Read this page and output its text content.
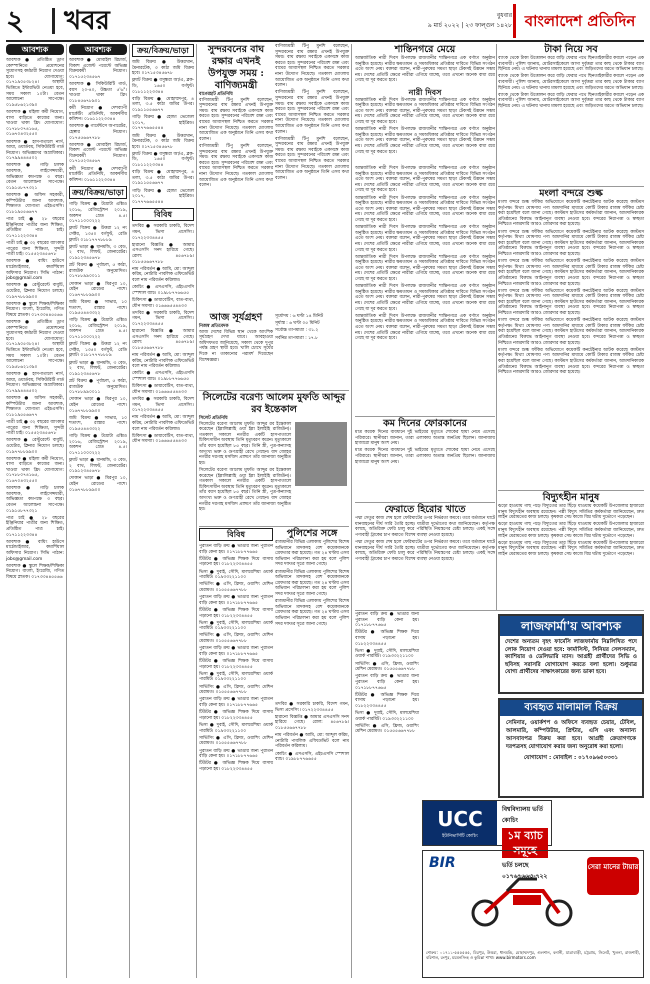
২ খবর	বুধবার
৯ মার্চ ২০২২ | ২৩ ফাল্গুন ১৪২৮ বাংলাদেশ প্রতিদিন
আবশ্যক

আবশ্যক ● প্রতিষ্ঠিত ড্রাগ কোম্পানিতে প্রমোশনের সুযোগসহ কর্মচারী নিয়োগ দেওয়া হবে। যোগাযোগ: ০১৭১৯০৫৩৮২৪। অস্থায়ী ভিত্তিতে ইন্টারভিউ নেওয়া হবে, সময় সকাল ১০টা। বেতন আলোচনা সাপেক্ষে। ০১৯৫৮৬২১৩৯০

আবশ্যক ● মহিলা কর্মী নিয়োগ, বাসা বাড়িতে কাজের জন্য। খাওয়া থাকা ফ্রি। যোগাযোগ: ০১৭৮৮০৭৪১৬৫, ০১৬৭০৪৩২৫৫০

আবশ্যক ● হাসপাতালে নার্স, আয়া, ওয়ার্ডবয়, সিকিউরিটি গার্ড নিয়োগ। অভিজ্ঞদের অগ্রাধিকার। ০১৭৯৯৪৪৪৫০২

আবশ্যক ● গাড়ি চালক আবশ্যক, লাইসেন্সধারী, অভিজ্ঞতা কমপক্ষে ৩ বছর। বেতন আলোচনা সাপেক্ষে। ০১৯১৫৮৭৭৩২১

আবশ্যক ● অফিস সহকারী, কম্পিউটার জানা আবশ্যক, শিক্ষাগত যোগ্যতা এইচএসসি। ০১৮১৯৫৫৬৬৭৭

পাত্র চাই ● ২৮ বছরের ইঞ্জিনিয়ার পাত্রীর জন্য শিক্ষিত, প্রতিষ্ঠিত পাত্র চাই। ০১৭১১২২৩৩৪৪

পাত্রী চাই ● ৩২ বছরের ব্যাংকার পাত্রের জন্য শিক্ষিতা, সুন্দরী পাত্রী চাই। ০১৫৫২৩৪৫৬৭৮

আবশ্যক ● বায়িং হাউসে মার্চেন্ডাইজার, কমার্শিয়াল অফিসার নিয়োগ। সিভি পাঠান: jobs@gmail.com

আবশ্যক ● রেস্টুরেন্টে বাবুর্চি, ওয়েটার, ক্লিনার নিয়োগ চলছে। ০১৯৭৭৮৮৯৯০০

আবশ্যক ● স্কুলে শিক্ষক/শিক্ষিকা নিয়োগ। বাংলা, ইংরেজি, গণিত বিষয়ে স্নাতক। ০১৭৩৩৪৪৫৫৬৬

আবশ্যক ● প্রতিষ্ঠিত ড্রাগ কোম্পানিতে প্রমোশনের সুযোগসহ কর্মচারী নিয়োগ দেওয়া হবে। যোগাযোগ: ০১৭১৯০৫৩৮২৪। অস্থায়ী ভিত্তিতে ইন্টারভিউ নেওয়া হবে, সময় সকাল ১০টা। বেতন আলোচনা সাপেক্ষে। ০১৯৫৮৬২১৩৯০

আবশ্যক ● হাসপাতালে নার্স, আয়া, ওয়ার্ডবয়, সিকিউরিটি গার্ড নিয়োগ। অভিজ্ঞদের অগ্রাধিকার। ০১৭৯৯৪৪৪৫০২

আবশ্যক ● অফিস সহকারী, কম্পিউটার জানা আবশ্যক, শিক্ষাগত যোগ্যতা এইচএসসি। ০১৮১৯৫৫৬৬৭৭

পাত্রী চাই ● ৩২ বছরের ব্যাংকার পাত্রের জন্য শিক্ষিতা, সুন্দরী পাত্রী চাই। ০১৫৫২৩৪৫৬৭৮

আবশ্যক ● রেস্টুরেন্টে বাবুর্চি, ওয়েটার, ক্লিনার নিয়োগ চলছে। ০১৯৭৭৮৮৯৯০০

আবশ্যক ● মহিলা কর্মী নিয়োগ, বাসা বাড়িতে কাজের জন্য। খাওয়া থাকা ফ্রি। যোগাযোগ: ০১৭৮৮০৭৪১৬৫, ০১৬৭০৪৩২৫৫০

আবশ্যক ● গাড়ি চালক আবশ্যক, লাইসেন্সধারী, অভিজ্ঞতা কমপক্ষে ৩ বছর। বেতন আলোচনা সাপেক্ষে। ০১৯১৫৮৭৭৩২১

পাত্র চাই ● ২৮ বছরের ইঞ্জিনিয়ার পাত্রীর জন্য শিক্ষিত, প্রতিষ্ঠিত পাত্র চাই। ০১৭১১২২৩৩৪৪

আবশ্যক ● বায়িং হাউসে মার্চেন্ডাইজার, কমার্শিয়াল অফিসার নিয়োগ। সিভি পাঠান: jobs@gmail.com

আবশ্যক ● স্কুলে শিক্ষক/শিক্ষিকা নিয়োগ। বাংলা, ইংরেজি, গণিত বিষয়ে স্নাতক। ০১৭৩৩৪৪৫৫৬৬

আবশ্যক

আবশ্যক ● মোবাইল রিচার্জ, বিকাশ এজেন্ট পয়েন্টে অভিজ্ঞ বিক্রয়কর্মী নিয়োগ। ০১৭১৫২৩৪৫৬৭

আবশ্যক ● সিকিউরিটি গার্ড, বয়স ২০-৪০, উচ্চতা ৫'৬"। খাওয়া থাকা ফ্রি। ০১৮৪৫৬৭৮৯০১

কর্মী নিয়োগ ● দেশব্যাপী মার্কেটিং প্রতিনিধি, আকর্ষণীয় কমিশন। ০১৬১১২২৩৩৪৪

আবশ্যক ● গার্মেন্টসে অপারেটর, হেল্পার নিয়োগ। ০১৭৫৫৬৬৭৭৮৮

আবশ্যক ● মোবাইল রিচার্জ, বিকাশ এজেন্ট পয়েন্টে অভিজ্ঞ বিক্রয়কর্মী নিয়োগ। ০১৭১৫২৩৪৫৬৭

কর্মী নিয়োগ ● দেশব্যাপী মার্কেটিং প্রতিনিধি, আকর্ষণীয় কমিশন। ০১৬১১২২৩৩৪৪

ক্রয়/বিক্রয়/ভাড়া

গাড়ি বিক্রয় ● টয়োটা এক্সিও ২০১৬, রেজিস্ট্রেশন ২০১৯, অকশন গ্রেড ৪.৫। ০১৭১১০০০২২২

ফ্ল্যাট বিক্রয় ● উত্তরা ১২ নং সেক্টর, ১৩৫০ বর্গফুট, রেডি ফ্ল্যাট। ০১৮১৭৭৭৮৮৮৯

ফ্ল্যাট ভাড়া ● ধানমন্ডি, ৩ বেড, ২ বাথ, লিফট, জেনারেটর। ০১৯১২৩৪৫৬৭৮

প্লট বিক্রয় ● পূর্বাচল, ৫ কাঠা, রাজউক অনুমোদিত। ০১৭৮৮৯৯০০১১

দোকান ভাড়া ● মিরপুর ১০, মেইন রোডের পাশে। ০১৬৭৭৮৮৯৯০০

জমি বিক্রয় ● সাভার, ১০ শতাংশ, রাস্তার পাশে। ০১৯৫৫৪৪৩৩২২

গাড়ি বিক্রয় ● টয়োটা এক্সিও ২০১৬, রেজিস্ট্রেশন ২০১৯, অকশন গ্রেড ৪.৫। ০১৭১১০০০২২২

ফ্ল্যাট বিক্রয় ● উত্তরা ১২ নং সেক্টর, ১৩৫০ বর্গফুট, রেডি ফ্ল্যাট। ০১৮১৭৭৭৮৮৮৯

ফ্ল্যাট ভাড়া ● ধানমন্ডি, ৩ বেড, ২ বাথ, লিফট, জেনারেটর। ০১৯১২৩৪৫৬৭৮

প্লট বিক্রয় ● পূর্বাচল, ৫ কাঠা, রাজউক অনুমোদিত। ০১৭৮৮৯৯০০১১

দোকান ভাড়া ● মিরপুর ১০, মেইন রোডের পাশে। ০১৬৭৭৮৮৯৯০০

জমি বিক্রয় ● সাভার, ১০ শতাংশ, রাস্তার পাশে। ০১৯৫৫৪৪৩৩২২

গাড়ি বিক্রয় ● টয়োটা এক্সিও ২০১৬, রেজিস্ট্রেশন ২০১৯, অকশন গ্রেড ৪.৫। ০১৭১১০০০২২২

ফ্ল্যাট ভাড়া ● ধানমন্ডি, ৩ বেড, ২ বাথ, লিফট, জেনারেটর। ০১৯১২৩৪৫৬৭৮

দোকান ভাড়া ● মিরপুর ১০, মেইন রোডের পাশে। ০১৬৭৭৮৮৯৯০০

ক্রয়/বিক্রয়/ভাড়া

জমি বিক্রয় ● উত্তরখান, মৈনারটেক, ৩ কাঠা জমি বিক্রয় হবে। ০১৭১৫৩৪৫৬৭৮

ফ্ল্যাট বিক্রয় ● বসুন্ধরা আ/এ, ব্লক-ডি, ১৬৫০ বর্গফুট। ০১৮১১২২৩৩৪৪

বাড়ি বিক্রয় ● মোহাম্মদপুর, ৪ তলা, ৩.৫ কাঠা জমির উপর। ০১৯১১৫৫৬৬৭৭

গাড়ি বিক্রয় ● হোন্ডা ভেজেল ২০১৭, হাইব্রিড। ০১৭৭৭৬৬৫৫৪৪

জমি বিক্রয় ● উত্তরখান, মৈনারটেক, ৩ কাঠা জমি বিক্রয় হবে। ০১৭১৫৩৪৫৬৭৮

ফ্ল্যাট বিক্রয় ● বসুন্ধরা আ/এ, ব্লক-ডি, ১৬৫০ বর্গফুট। ০১৮১১২২৩৩৪৪

বাড়ি বিক্রয় ● মোহাম্মদপুর, ৪ তলা, ৩.৫ কাঠা জমির উপর। ০১৯১১৫৫৬৬৭৭

গাড়ি বিক্রয় ● হোন্ডা ভেজেল ২০১৭, হাইব্রিড। ০১৭৭৭৬৬৫৫৪৪

বিবিধ

তদবির ● সরকারি চাকরি, বিদেশ গমন, ভিসা প্রসেসিং। ০১৭২২৩৩৪৪৫৫

হারানো বিজ্ঞপ্তি ● আমার এসএসসি সনদ হারিয়ে গেছে। রোল: ৪৫৬৭৮৯। ০১৮৫৫৬৬৭৭৮৮

নাম পরিবর্তন ● আমি, মো: আব্দুল করিম, নোটারি পাবলিক এফিডেভিট বলে নাম পরিবর্তন করিলাম।

কোচিং ● এসএসসি, এইচএসসি স্পেশাল ব্যাচ। ০১৯৮৮৭৭৬৬৫৫

চিকিৎসা ● ডায়াবেটিস, বাত-ব্যথা, যৌন সমস্যা। ০১৬৬৬৫৫৪৪৩৩

তদবির ● সরকারি চাকরি, বিদেশ গমন, ভিসা প্রসেসিং। ০১৭২২৩৩৪৪৫৫

হারানো বিজ্ঞপ্তি ● আমার এসএসসি সনদ হারিয়ে গেছে। রোল: ৪৫৬৭৮৯। ০১৮৫৫৬৬৭৭৮৮

নাম পরিবর্তন ● আমি, মো: আব্দুল করিম, নোটারি পাবলিক এফিডেভিট বলে নাম পরিবর্তন করিলাম।

কোচিং ● এসএসসি, এইচএসসি স্পেশাল ব্যাচ। ০১৯৮৮৭৭৬৬৫৫

চিকিৎসা ● ডায়াবেটিস, বাত-ব্যথা, যৌন সমস্যা। ০১৬৬৬৫৫৪৪৩৩

তদবির ● সরকারি চাকরি, বিদেশ গমন, ভিসা প্রসেসিং। ০১৭২২৩৩৪৪৫৫

নাম পরিবর্তন ● আমি, মো: আব্দুল করিম, নোটারি পাবলিক এফিডেভিট বলে নাম পরিবর্তন করিলাম।

চিকিৎসা ● ডায়াবেটিস, বাত-ব্যথা, যৌন সমস্যা। ০১৬৬৬৫৫৪৪৩৩

সুন্দরবনের বাঘ রক্ষার এখনই উপযুক্ত সময় : বাণিজ্যমন্ত্রী
বাগেরহাট প্রতিনিধি

বাণিজ্যমন্ত্রী টিপু মুনশি বলেছেন, সুন্দরবনের বাঘ রক্ষার এখনই উপযুক্ত সময়। বাঘ রক্ষায় সবাইকে একসঙ্গে কাজ করতে হবে। সুন্দরবনের পরিবেশ রক্ষা এবং বাঘের আবাসস্থল নিশ্চিত করতে সরকার নানা উদ্যোগ নিয়েছে। গতকাল মোংলায় আয়োজিত এক অনুষ্ঠানে তিনি এসব কথা বলেন।

বাণিজ্যমন্ত্রী টিপু মুনশি বলেছেন, সুন্দরবনের বাঘ রক্ষার এখনই উপযুক্ত সময়। বাঘ রক্ষায় সবাইকে একসঙ্গে কাজ করতে হবে। সুন্দরবনের পরিবেশ রক্ষা এবং বাঘের আবাসস্থল নিশ্চিত করতে সরকার নানা উদ্যোগ নিয়েছে। গতকাল মোংলায় আয়োজিত এক অনুষ্ঠানে তিনি এসব কথা বলেন।

আজ সূর্যগ্রহণ
নিজস্ব প্রতিবেদক

আজ দেশের বিভিন্ন স্থান থেকে আংশিক সূর্যগ্রহণ দেখা যাবে। আবহাওয়া অধিদফতর জানিয়েছে, সকাল থেকে দুপুর পর্যন্ত গ্রহণ স্থায়ী হবে। খালি চোখে সূর্যের দিকে না তাকানোর পরামর্শ দিয়েছেন বিশেষজ্ঞরা।

সিলেটের বরেণ্য আলেম মুফতি আব্দুর রব ইন্তেকাল
সিলেট প্রতিনিধি

সিলেটের বরেণ্য আলেম মুফতি আব্দুর রব ইন্তেকাল করেছেন (ইন্নালিল্লাহি ওয়া ইন্না ইলাইহি রাজিউন)। গতকাল সকালে নগরীর একটি হাসপাতালে চিকিৎসাধীন অবস্থায় তিনি মৃত্যুবরণ করেন। মৃত্যুকালে তাঁর বয়স হয়েছিল ৮৫ বছর। তিনি স্ত্রী, পুত্র-কন্যাসহ অসংখ্য ভক্ত ও গুণগ্রাহী রেখে গেছেন। বাদ জোহর নগরীর দরগাহ মসজিদ প্রাঙ্গণে তাঁর জানাজা অনুষ্ঠিত হয়।

সিলেটের বরেণ্য আলেম মুফতি আব্দুর রব ইন্তেকাল করেছেন (ইন্নালিল্লাহি ওয়া ইন্না ইলাইহি রাজিউন)। গতকাল সকালে নগরীর একটি হাসপাতালে চিকিৎসাধীন অবস্থায় তিনি মৃত্যুবরণ করেন। মৃত্যুকালে তাঁর বয়স হয়েছিল ৮৫ বছর। তিনি স্ত্রী, পুত্র-কন্যাসহ অসংখ্য ভক্ত ও গুণগ্রাহী রেখে গেছেন। বাদ জোহর নগরীর দরগাহ মসজিদ প্রাঙ্গণে তাঁর জানাজা অনুষ্ঠিত হয়।

সূর্যোদয় : ৬ ঘণ্টা ১৪ মিনিট

সূর্যাস্ত : ৬ ঘণ্টা ০৫ মিনিট

সর্বোচ্চ তাপমাত্রা : ৩১.২

সর্বনিম্ন তাপমাত্রা : ১৭.৮

বিবিধ

পুরাতন বাড়ি ক্রয় ● ভাঙার জন্য পুরাতন বাড়ি কেনা হয়। ০১৭১৮৮৭৭৬৬৫

টিউটর ● অভিজ্ঞ শিক্ষক দিয়ে বাসায় পড়ানো হয়। ০১৮২২৩৩৪৪৫৫

ভিসা ● দুবাই, সৌদি, মালয়েশিয়া ওয়ার্ক পারমিট। ০১৯৩৩২২১১০০

সার্ভিসিং ● এসি, ফ্রিজ, ওয়াশিং মেশিন মেরামত। ০১৫৫৫৬৬৭৭৮৮

পুরাতন বাড়ি ক্রয় ● ভাঙার জন্য পুরাতন বাড়ি কেনা হয়। ০১৭১৮৮৭৭৬৬৫

টিউটর ● অভিজ্ঞ শিক্ষক দিয়ে বাসায় পড়ানো হয়। ০১৮২২৩৩৪৪৫৫

ভিসা ● দুবাই, সৌদি, মালয়েশিয়া ওয়ার্ক পারমিট। ০১৯৩৩২২১১০০

সার্ভিসিং ● এসি, ফ্রিজ, ওয়াশিং মেশিন মেরামত। ০১৫৫৫৬৬৭৭৮৮

পুরাতন বাড়ি ক্রয় ● ভাঙার জন্য পুরাতন বাড়ি কেনা হয়। ০১৭১৮৮৭৭৬৬৫

টিউটর ● অভিজ্ঞ শিক্ষক দিয়ে বাসায় পড়ানো হয়। ০১৮২২৩৩৪৪৫৫

ভিসা ● দুবাই, সৌদি, মালয়েশিয়া ওয়ার্ক পারমিট। ০১৯৩৩২২১১০০

সার্ভিসিং ● এসি, ফ্রিজ, ওয়াশিং মেশিন মেরামত। ০১৫৫৫৬৬৭৭৮৮

পুরাতন বাড়ি ক্রয় ● ভাঙার জন্য পুরাতন বাড়ি কেনা হয়। ০১৭১৮৮৭৭৬৬৫

টিউটর ● অভিজ্ঞ শিক্ষক দিয়ে বাসায় পড়ানো হয়। ০১৮২২৩৩৪৪৫৫

ভিসা ● দুবাই, সৌদি, মালয়েশিয়া ওয়ার্ক পারমিট। ০১৯৩৩২২১১০০

সার্ভিসিং ● এসি, ফ্রিজ, ওয়াশিং মেশিন মেরামত। ০১৫৫৫৬৬৭৭৮৮

পুরাতন বাড়ি ক্রয় ● ভাঙার জন্য পুরাতন বাড়ি কেনা হয়। ০১৭১৮৮৭৭৬৬৫

টিউটর ● অভিজ্ঞ শিক্ষক দিয়ে বাসায় পড়ানো হয়। ০১৮২২৩৩৪৪৫৫

বাণিজ্যমন্ত্রী টিপু মুনশি বলেছেন, সুন্দরবনের বাঘ রক্ষার এখনই উপযুক্ত সময়। বাঘ রক্ষায় সবাইকে একসঙ্গে কাজ করতে হবে। সুন্দরবনের পরিবেশ রক্ষা এবং বাঘের আবাসস্থল নিশ্চিত করতে সরকার নানা উদ্যোগ নিয়েছে। গতকাল মোংলায় আয়োজিত এক অনুষ্ঠানে তিনি এসব কথা বলেন।

বাণিজ্যমন্ত্রী টিপু মুনশি বলেছেন, সুন্দরবনের বাঘ রক্ষার এখনই উপযুক্ত সময়। বাঘ রক্ষায় সবাইকে একসঙ্গে কাজ করতে হবে। সুন্দরবনের পরিবেশ রক্ষা এবং বাঘের আবাসস্থল নিশ্চিত করতে সরকার নানা উদ্যোগ নিয়েছে। গতকাল মোংলায় আয়োজিত এক অনুষ্ঠানে তিনি এসব কথা বলেন।

বাণিজ্যমন্ত্রী টিপু মুনশি বলেছেন, সুন্দরবনের বাঘ রক্ষার এখনই উপযুক্ত সময়। বাঘ রক্ষায় সবাইকে একসঙ্গে কাজ করতে হবে। সুন্দরবনের পরিবেশ রক্ষা এবং বাঘের আবাসস্থল নিশ্চিত করতে সরকার নানা উদ্যোগ নিয়েছে। গতকাল মোংলায় আয়োজিত এক অনুষ্ঠানে তিনি এসব কথা বলেন।

পুলিশের সঙ্গে

রাজধানীর বিভিন্ন এলাকায় পুলিশের বিশেষ অভিযানে মাদকসহ বেশ কয়েকজনকে গ্রেফতার করা হয়েছে। গত ২৪ ঘণ্টায় এসব অভিযান পরিচালনা করা হয় বলে পুলিশ সদর দফতর সূত্রে জানা গেছে।

রাজধানীর বিভিন্ন এলাকায় পুলিশের বিশেষ অভিযানে মাদকসহ বেশ কয়েকজনকে গ্রেফতার করা হয়েছে। গত ২৪ ঘণ্টায় এসব অভিযান পরিচালনা করা হয় বলে পুলিশ সদর দফতর সূত্রে জানা গেছে।

রাজধানীর বিভিন্ন এলাকায় পুলিশের বিশেষ অভিযানে মাদকসহ বেশ কয়েকজনকে গ্রেফতার করা হয়েছে। গত ২৪ ঘণ্টায় এসব অভিযান পরিচালনা করা হয় বলে পুলিশ সদর দফতর সূত্রে জানা গেছে।

তদবির ● সরকারি চাকরি, বিদেশ গমন, ভিসা প্রসেসিং। ০১৭২২৩৩৪৪৫৫

হারানো বিজ্ঞপ্তি ● আমার এসএসসি সনদ হারিয়ে গেছে। রোল: ৪৫৬৭৮৯। ০১৮৫৫৬৬৭৭৮৮

নাম পরিবর্তন ● আমি, মো: আব্দুল করিম, নোটারি পাবলিক এফিডেভিট বলে নাম পরিবর্তন করিলাম।

কোচিং ● এসএসসি, এইচএসসি স্পেশাল ব্যাচ। ০১৯৮৮৭৭৬৬৫৫

শান্তিনগরে মেয়ে

আন্তর্জাতিক নারী দিবস উপলক্ষে রাজধানীর শান্তিনগরে এক বর্ণাঢ্য অনুষ্ঠান অনুষ্ঠিত হয়েছে। নারীর ক্ষমতায়ন ও সমঅধিকার প্রতিষ্ঠার দাবিতে বিভিন্ন সংগঠন এতে অংশ নেয়। বক্তারা বলেন, নারী-পুরুষের সমতা ছাড়া টেকসই উন্নয়ন সম্ভব নয়। দেশের প্রতিটি ক্ষেত্রে নারীরা এগিয়ে যাচ্ছে, তবে এখনো অনেক বাধা রয়ে গেছে যা দূর করতে হবে।

নারী দিবস

আন্তর্জাতিক নারী দিবস উপলক্ষে রাজধানীর শান্তিনগরে এক বর্ণাঢ্য অনুষ্ঠান অনুষ্ঠিত হয়েছে। নারীর ক্ষমতায়ন ও সমঅধিকার প্রতিষ্ঠার দাবিতে বিভিন্ন সংগঠন এতে অংশ নেয়। বক্তারা বলেন, নারী-পুরুষের সমতা ছাড়া টেকসই উন্নয়ন সম্ভব নয়। দেশের প্রতিটি ক্ষেত্রে নারীরা এগিয়ে যাচ্ছে, তবে এখনো অনেক বাধা রয়ে গেছে যা দূর করতে হবে।

আন্তর্জাতিক নারী দিবস উপলক্ষে রাজধানীর শান্তিনগরে এক বর্ণাঢ্য অনুষ্ঠান অনুষ্ঠিত হয়েছে। নারীর ক্ষমতায়ন ও সমঅধিকার প্রতিষ্ঠার দাবিতে বিভিন্ন সংগঠন এতে অংশ নেয়। বক্তারা বলেন, নারী-পুরুষের সমতা ছাড়া টেকসই উন্নয়ন সম্ভব নয়। দেশের প্রতিটি ক্ষেত্রে নারীরা এগিয়ে যাচ্ছে, তবে এখনো অনেক বাধা রয়ে গেছে যা দূর করতে হবে।

টাকা নিয়ে সব

ব্যাংক থেকে টাকা উত্তোলন করে বাড়ি ফেরার পথে ছিনতাইকারীর কবলে পড়েন এক ব্যবসায়ী। পুলিশ জানায়, মোটরসাইকেলে আসা দুর্বৃত্তরা তার কাছ থেকে টাকার ব্যাগ ছিনিয়ে নেয়। এ ঘটনায় থানায় মামলা হয়েছে এবং জড়িতদের ধরতে অভিযান চলছে।

ব্যাংক থেকে টাকা উত্তোলন করে বাড়ি ফেরার পথে ছিনতাইকারীর কবলে পড়েন এক ব্যবসায়ী। পুলিশ জানায়, মোটরসাইকেলে আসা দুর্বৃত্তরা তার কাছ থেকে টাকার ব্যাগ ছিনিয়ে নেয়। এ ঘটনায় থানায় মামলা হয়েছে এবং জড়িতদের ধরতে অভিযান চলছে।

ব্যাংক থেকে টাকা উত্তোলন করে বাড়ি ফেরার পথে ছিনতাইকারীর কবলে পড়েন এক ব্যবসায়ী। পুলিশ জানায়, মোটরসাইকেলে আসা দুর্বৃত্তরা তার কাছ থেকে টাকার ব্যাগ ছিনিয়ে নেয়। এ ঘটনায় থানায় মামলা হয়েছে এবং জড়িতদের ধরতে অভিযান চলছে।

আন্তর্জাতিক নারী দিবস উপলক্ষে রাজধানীর শান্তিনগরে এক বর্ণাঢ্য অনুষ্ঠান অনুষ্ঠিত হয়েছে। নারীর ক্ষমতায়ন ও সমঅধিকার প্রতিষ্ঠার দাবিতে বিভিন্ন সংগঠন এতে অংশ নেয়। বক্তারা বলেন, নারী-পুরুষের সমতা ছাড়া টেকসই উন্নয়ন সম্ভব নয়। দেশের প্রতিটি ক্ষেত্রে নারীরা এগিয়ে যাচ্ছে, তবে এখনো অনেক বাধা রয়ে গেছে যা দূর করতে হবে।

আন্তর্জাতিক নারী দিবস উপলক্ষে রাজধানীর শান্তিনগরে এক বর্ণাঢ্য অনুষ্ঠান অনুষ্ঠিত হয়েছে। নারীর ক্ষমতায়ন ও সমঅধিকার প্রতিষ্ঠার দাবিতে বিভিন্ন সংগঠন এতে অংশ নেয়। বক্তারা বলেন, নারী-পুরুষের সমতা ছাড়া টেকসই উন্নয়ন সম্ভব নয়। দেশের প্রতিটি ক্ষেত্রে নারীরা এগিয়ে যাচ্ছে, তবে এখনো অনেক বাধা রয়ে গেছে যা দূর করতে হবে।

আন্তর্জাতিক নারী দিবস উপলক্ষে রাজধানীর শান্তিনগরে এক বর্ণাঢ্য অনুষ্ঠান অনুষ্ঠিত হয়েছে। নারীর ক্ষমতায়ন ও সমঅধিকার প্রতিষ্ঠার দাবিতে বিভিন্ন সংগঠন এতে অংশ নেয়। বক্তারা বলেন, নারী-পুরুষের সমতা ছাড়া টেকসই উন্নয়ন সম্ভব নয়। দেশের প্রতিটি ক্ষেত্রে নারীরা এগিয়ে যাচ্ছে, তবে এখনো অনেক বাধা রয়ে গেছে যা দূর করতে হবে।

আন্তর্জাতিক নারী দিবস উপলক্ষে রাজধানীর শান্তিনগরে এক বর্ণাঢ্য অনুষ্ঠান অনুষ্ঠিত হয়েছে। নারীর ক্ষমতায়ন ও সমঅধিকার প্রতিষ্ঠার দাবিতে বিভিন্ন সংগঠন এতে অংশ নেয়। বক্তারা বলেন, নারী-পুরুষের সমতা ছাড়া টেকসই উন্নয়ন সম্ভব নয়। দেশের প্রতিটি ক্ষেত্রে নারীরা এগিয়ে যাচ্ছে, তবে এখনো অনেক বাধা রয়ে গেছে যা দূর করতে হবে।

আন্তর্জাতিক নারী দিবস উপলক্ষে রাজধানীর শান্তিনগরে এক বর্ণাঢ্য অনুষ্ঠান অনুষ্ঠিত হয়েছে। নারীর ক্ষমতায়ন ও সমঅধিকার প্রতিষ্ঠার দাবিতে বিভিন্ন সংগঠন এতে অংশ নেয়। বক্তারা বলেন, নারী-পুরুষের সমতা ছাড়া টেকসই উন্নয়ন সম্ভব নয়। দেশের প্রতিটি ক্ষেত্রে নারীরা এগিয়ে যাচ্ছে, তবে এখনো অনেক বাধা রয়ে গেছে যা দূর করতে হবে।

আন্তর্জাতিক নারী দিবস উপলক্ষে রাজধানীর শান্তিনগরে এক বর্ণাঢ্য অনুষ্ঠান অনুষ্ঠিত হয়েছে। নারীর ক্ষমতায়ন ও সমঅধিকার প্রতিষ্ঠার দাবিতে বিভিন্ন সংগঠন এতে অংশ নেয়। বক্তারা বলেন, নারী-পুরুষের সমতা ছাড়া টেকসই উন্নয়ন সম্ভব নয়। দেশের প্রতিটি ক্ষেত্রে নারীরা এগিয়ে যাচ্ছে, তবে এখনো অনেক বাধা রয়ে গেছে যা দূর করতে হবে।

মংলা বন্দরে শুল্ক

মংলা বন্দরে শুল্ক ফাঁকির অভিযোগে কয়েকটি কনটেইনার আটক করেছে কাস্টমস কর্তৃপক্ষ। মিথ্যা ঘোষণায় পণ্য আমদানির মাধ্যমে কোটি টাকার রাজস্ব ফাঁকির চেষ্টা করা হয়েছিল বলে জানা গেছে। কাস্টমস হাউসের কর্মকর্তারা জানান, আমদানিকারক প্রতিষ্ঠানের বিরুদ্ধে আইনানুগ ব্যবস্থা নেওয়া হবে। বন্দরের নিরাপত্তা ও স্বচ্ছতা নিশ্চিতে নজরদারি আরও জোরদার করা হয়েছে।

মংলা বন্দরে শুল্ক ফাঁকির অভিযোগে কয়েকটি কনটেইনার আটক করেছে কাস্টমস কর্তৃপক্ষ। মিথ্যা ঘোষণায় পণ্য আমদানির মাধ্যমে কোটি টাকার রাজস্ব ফাঁকির চেষ্টা করা হয়েছিল বলে জানা গেছে। কাস্টমস হাউসের কর্মকর্তারা জানান, আমদানিকারক প্রতিষ্ঠানের বিরুদ্ধে আইনানুগ ব্যবস্থা নেওয়া হবে। বন্দরের নিরাপত্তা ও স্বচ্ছতা নিশ্চিতে নজরদারি আরও জোরদার করা হয়েছে।

মংলা বন্দরে শুল্ক ফাঁকির অভিযোগে কয়েকটি কনটেইনার আটক করেছে কাস্টমস কর্তৃপক্ষ। মিথ্যা ঘোষণায় পণ্য আমদানির মাধ্যমে কোটি টাকার রাজস্ব ফাঁকির চেষ্টা করা হয়েছিল বলে জানা গেছে। কাস্টমস হাউসের কর্মকর্তারা জানান, আমদানিকারক প্রতিষ্ঠানের বিরুদ্ধে আইনানুগ ব্যবস্থা নেওয়া হবে। বন্দরের নিরাপত্তা ও স্বচ্ছতা নিশ্চিতে নজরদারি আরও জোরদার করা হয়েছে।

মংলা বন্দরে শুল্ক ফাঁকির অভিযোগে কয়েকটি কনটেইনার আটক করেছে কাস্টমস কর্তৃপক্ষ। মিথ্যা ঘোষণায় পণ্য আমদানির মাধ্যমে কোটি টাকার রাজস্ব ফাঁকির চেষ্টা করা হয়েছিল বলে জানা গেছে। কাস্টমস হাউসের কর্মকর্তারা জানান, আমদানিকারক প্রতিষ্ঠানের বিরুদ্ধে আইনানুগ ব্যবস্থা নেওয়া হবে। বন্দরের নিরাপত্তা ও স্বচ্ছতা নিশ্চিতে নজরদারি আরও জোরদার করা হয়েছে।

মংলা বন্দরে শুল্ক ফাঁকির অভিযোগে কয়েকটি কনটেইনার আটক করেছে কাস্টমস কর্তৃপক্ষ। মিথ্যা ঘোষণায় পণ্য আমদানির মাধ্যমে কোটি টাকার রাজস্ব ফাঁকির চেষ্টা করা হয়েছিল বলে জানা গেছে। কাস্টমস হাউসের কর্মকর্তারা জানান, আমদানিকারক প্রতিষ্ঠানের বিরুদ্ধে আইনানুগ ব্যবস্থা নেওয়া হবে। বন্দরের নিরাপত্তা ও স্বচ্ছতা নিশ্চিতে নজরদারি আরও জোরদার করা হয়েছে।

মংলা বন্দরে শুল্ক ফাঁকির অভিযোগে কয়েকটি কনটেইনার আটক করেছে কাস্টমস কর্তৃপক্ষ। মিথ্যা ঘোষণায় পণ্য আমদানির মাধ্যমে কোটি টাকার রাজস্ব ফাঁকির চেষ্টা করা হয়েছিল বলে জানা গেছে। কাস্টমস হাউসের কর্মকর্তারা জানান, আমদানিকারক প্রতিষ্ঠানের বিরুদ্ধে আইনানুগ ব্যবস্থা নেওয়া হবে। বন্দরের নিরাপত্তা ও স্বচ্ছতা নিশ্চিতে নজরদারি আরও জোরদার করা হয়েছে।

কম দিনের ফোরকানের

মাত্র কয়েক দিনের ব্যবধানে দুই ভাইয়ের মৃত্যুতে শোকের ছায়া নেমে এসেছে পরিবারে। স্থানীয়রা জানান, তারা এলাকায় অত্যন্ত জনপ্রিয় ছিলেন। জানাজায় হাজারো মানুষ অংশ নেয়।

মাত্র কয়েক দিনের ব্যবধানে দুই ভাইয়ের মৃত্যুতে শোকের ছায়া নেমে এসেছে পরিবারে। স্থানীয়রা জানান, তারা এলাকায় অত্যন্ত জনপ্রিয় ছিলেন। জানাজায় হাজারো মানুষ অংশ নেয়।

ফেরাতে হিরোর খাতে

পদ্মা সেতুর কাজ শেষ হলে ফেরিঘাটের ওপর নির্ভরতা কমবে। তবে বর্তমানে ঘাটে যানবাহনের দীর্ঘ সারি তৈরি হচ্ছে। যাত্রীরা দুর্ভোগের কথা জানিয়েছেন। কর্তৃপক্ষ বলছে, অতিরিক্ত ফেরি চালু করে পরিস্থিতি নিয়ন্ত্রণের চেষ্টা চলছে। একই সঙ্গে পণ্যবাহী ট্রাকের চাপ কমাতে বিশেষ ব্যবস্থা নেওয়া হয়েছে।

পদ্মা সেতুর কাজ শেষ হলে ফেরিঘাটের ওপর নির্ভরতা কমবে। তবে বর্তমানে ঘাটে যানবাহনের দীর্ঘ সারি তৈরি হচ্ছে। যাত্রীরা দুর্ভোগের কথা জানিয়েছেন। কর্তৃপক্ষ বলছে, অতিরিক্ত ফেরি চালু করে পরিস্থিতি নিয়ন্ত্রণের চেষ্টা চলছে। একই সঙ্গে পণ্যবাহী ট্রাকের চাপ কমাতে বিশেষ ব্যবস্থা নেওয়া হয়েছে।

বিদ্যুৎহীন মানুষ

ঝড়ো হাওয়ায় গাছ পড়ে বিদ্যুতের তার ছিঁড়ে যাওয়ায় কয়েকটি উপজেলার হাজারো মানুষ বিদ্যুৎহীন অবস্থায় রয়েছেন। পল্লী বিদ্যুৎ সমিতির কর্মকর্তারা জানিয়েছেন, দ্রুত লাইন মেরামতের কাজ চলছে। কৃষকরা সেচ কাজে বিঘ্ন ঘটায় দুর্ভোগে পড়েছেন।

ঝড়ো হাওয়ায় গাছ পড়ে বিদ্যুতের তার ছিঁড়ে যাওয়ায় কয়েকটি উপজেলার হাজারো মানুষ বিদ্যুৎহীন অবস্থায় রয়েছেন। পল্লী বিদ্যুৎ সমিতির কর্মকর্তারা জানিয়েছেন, দ্রুত লাইন মেরামতের কাজ চলছে। কৃষকরা সেচ কাজে বিঘ্ন ঘটায় দুর্ভোগে পড়েছেন।

ঝড়ো হাওয়ায় গাছ পড়ে বিদ্যুতের তার ছিঁড়ে যাওয়ায় কয়েকটি উপজেলার হাজারো মানুষ বিদ্যুৎহীন অবস্থায় রয়েছেন। পল্লী বিদ্যুৎ সমিতির কর্মকর্তারা জানিয়েছেন, দ্রুত লাইন মেরামতের কাজ চলছে। কৃষকরা সেচ কাজে বিঘ্ন ঘটায় দুর্ভোগে পড়েছেন।

পুরাতন বাড়ি ক্রয় ● ভাঙার জন্য পুরাতন বাড়ি কেনা হয়। ০১৭১৮৮৭৭৬৬৫

টিউটর ● অভিজ্ঞ শিক্ষক দিয়ে বাসায় পড়ানো হয়। ০১৮২২৩৩৪৪৫৫

ভিসা ● দুবাই, সৌদি, মালয়েশিয়া ওয়ার্ক পারমিট। ০১৯৩৩২২১১০০

সার্ভিসিং ● এসি, ফ্রিজ, ওয়াশিং মেশিন মেরামত। ০১৫৫৫৬৬৭৭৮৮

পুরাতন বাড়ি ক্রয় ● ভাঙার জন্য পুরাতন বাড়ি কেনা হয়। ০১৭১৮৮৭৭৬৬৫

টিউটর ● অভিজ্ঞ শিক্ষক দিয়ে বাসায় পড়ানো হয়। ০১৮২২৩৩৪৪৫৫

ভিসা ● দুবাই, সৌদি, মালয়েশিয়া ওয়ার্ক পারমিট। ০১৯৩৩২২১১০০

সার্ভিসিং ● এসি, ফ্রিজ, ওয়াশিং মেশিন মেরামত। ০১৫৫৫৬৬৭৭৮৮

UCC
ইউনিভার্সিটি কোচিং
বিশ্ববিদ্যালয় ভর্তি কোচিং
১ম ব্যাচ সমূহে
ভর্তি চলছে
০১৭৬৭৬৬৩-৭২২
লাজফার্মা'য় আবশ্যক
দেশের অন্যতম বৃহৎ ফার্মেসি লাজফার্মায় নিম্নলিখিত পদে লোক নিয়োগ দেওয়া হবে: ফার্মাসিস্ট, সিনিয়র সেলসম্যান, ক্যাশিয়ার ও ডেলিভারি ম্যান। আগ্রহী প্রার্থীদের সিভি ও ছবিসহ সরাসরি যোগাযোগ করতে বলা হলো। শুধুমাত্র যোগ্য প্রার্থীদের সাক্ষাৎকারের জন্য ডাকা হবে।
ব্যবহৃত মালামাল বিক্রয়
সেমিনার, ওয়ার্কশপ ও অফিসে ব্যবহৃত চেয়ার, টেবিল, আলমারি, কম্পিউটার, প্রিন্টার, এসি এবং অন্যান্য আসবাবপত্র বিক্রয় করা হবে। আগ্রহী ক্রেতাগণকে দরপত্রসহ যোগাযোগ করার জন্য অনুরোধ করা হলো।
যোগাযোগ : মোবাইল : ০১৭০৯৬৫০৩৩১
BIR	সেরা মানের টায়ার
শোরুম: ০১৭১১-৫৫৫৫৫৫, মিরপুর, উত্তরা, ধানমন্ডি, মোহাম্মদপুর, গুলশান, বনানী, যাত্রাবাড়ী, চট্টগ্রাম, সিলেট, খুলনা, রাজশাহী, বরিশাল, রংপুর, ময়মনসিংহ ও কুমিল্লা শাখা। www.birmotors.com
